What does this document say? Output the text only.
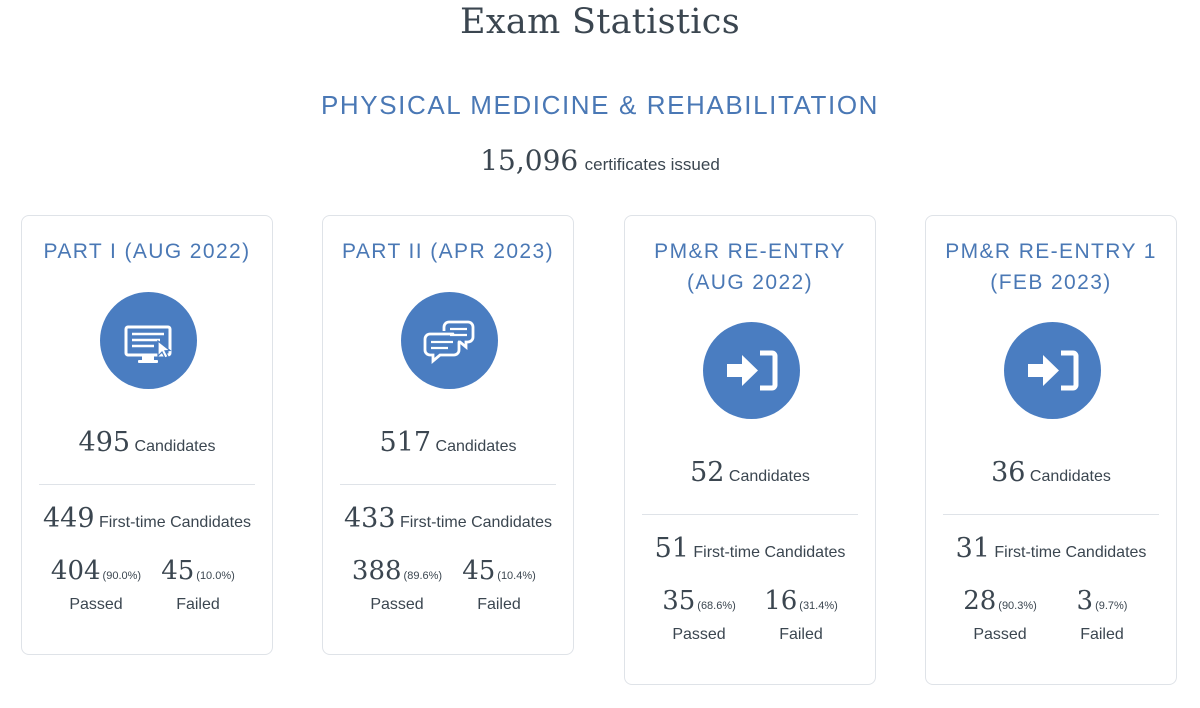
Exam Statistics
PHYSICAL MEDICINE & REHABILITATION
15,096 certificates issued
PART I (AUG 2022)
495 Candidates
449 First-time Candidates
404 (90.0%)
Passed
45 (10.0%)
Failed
PART II (APR 2023)
517 Candidates
433 First-time Candidates
388 (89.6%)
Passed
45 (10.4%)
Failed
PM&R RE-ENTRY
(AUG 2022)
52 Candidates
51 First-time Candidates
35 (68.6%)
Passed
16 (31.4%)
Failed
PM&R RE-ENTRY 1
(FEB 2023)
36 Candidates
31 First-time Candidates
28 (90.3%)
Passed
3 (9.7%)
Failed
